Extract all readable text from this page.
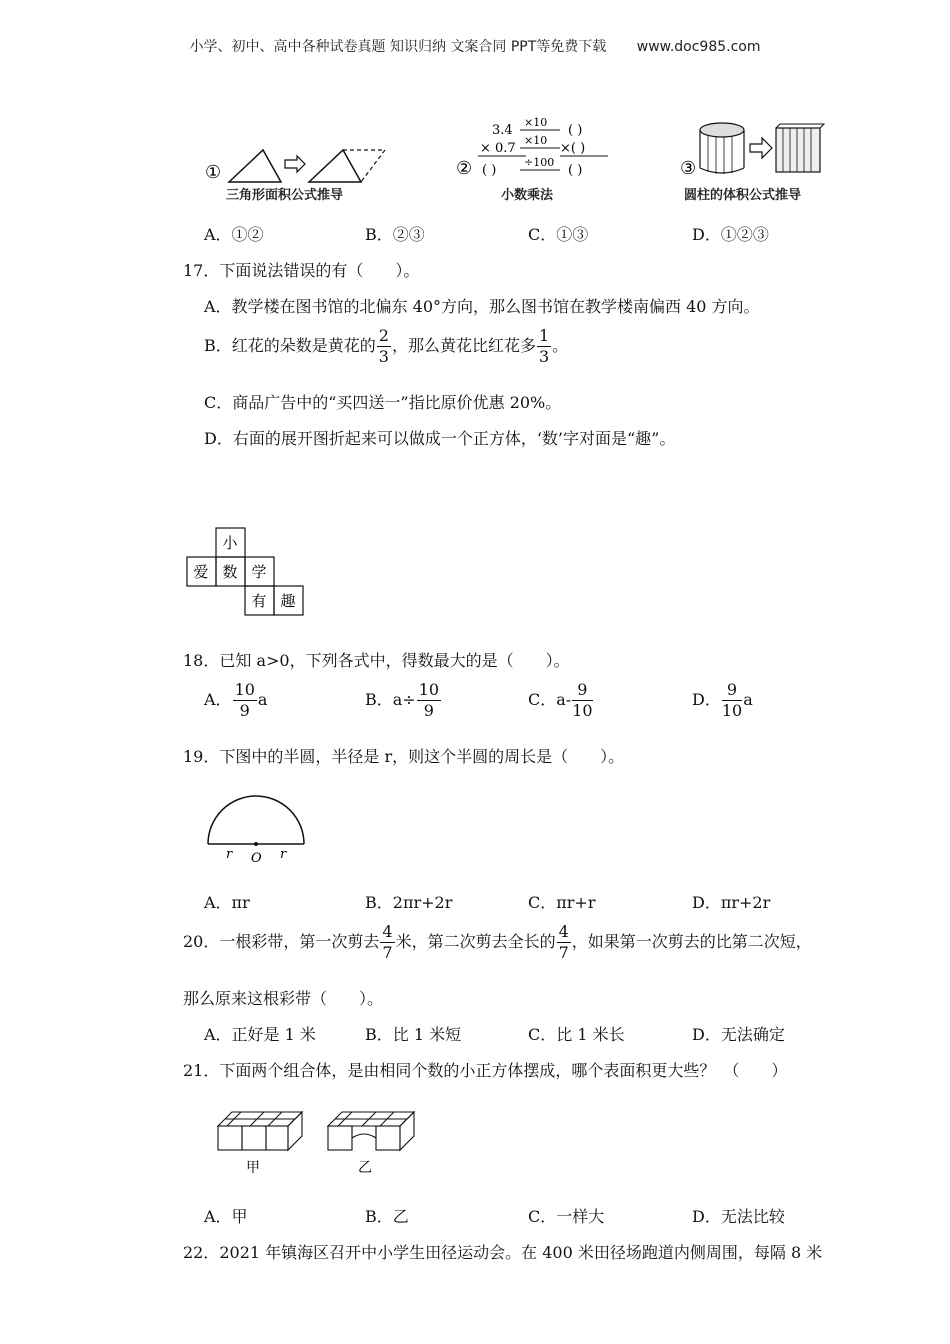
小学、初中、高中各种试卷真题 知识归纳 文案合同 PPT等免费下载 www.doc985.com
①
三角形面积公式推导
3.4
× 0.7
② ( )
×10
×10
÷100
( )
×( )
( )
小数乘法
③
圆柱的体积公式推导
A．①②	B．②③	C．①③	D．①②③
17．下面说法错误的有（　　）。
A．教学楼在图书馆的北偏东 40°方向，那么图书馆在教学楼南偏西 40 方向。
B．红花的朵数是黄花的 $\frac{2}{3}$ ，那么黄花比红花多 $\frac{1}{3}$ 。
C．商品广告中的“买四送一”指比原价优惠 20%。
D．右面的展开图折起来可以做成一个正方体，‘数’字对面是“趣”。
小
爱 数 学
有 趣
18．已知 a>0，下列各式中，得数最大的是（　　）。
A． $\frac{10}{9}$ a	B．$a\div \frac{10}{9}$	C．$a- \frac{9}{10}$	D． $\frac{9}{10}$ a
19．下图中的半圆，半径是 r，则这个半圆的周长是（　　）。
r O r
A．πr	B．2πr+2r	C．πr+r	D．πr+2r
20．一根彩带，第一次剪去 $\frac{4}{7}$ 米，第二次剪去全长的 $\frac{4}{7}$ ，如果第一次剪去的比第二次短，
那么原来这根彩带（　　）。
A．正好是 1 米	B．比 1 米短	C．比 1 米长	D．无法确定
21．下面两个组合体，是由相同个数的小正方体摆成，哪个表面积更大些？　（　　）
甲	乙
A．甲	B．乙	C．一样大	D．无法比较
22．2021 年镇海区召开中小学生田径运动会。在 400 米田径场跑道内侧周围，每隔 8 米
